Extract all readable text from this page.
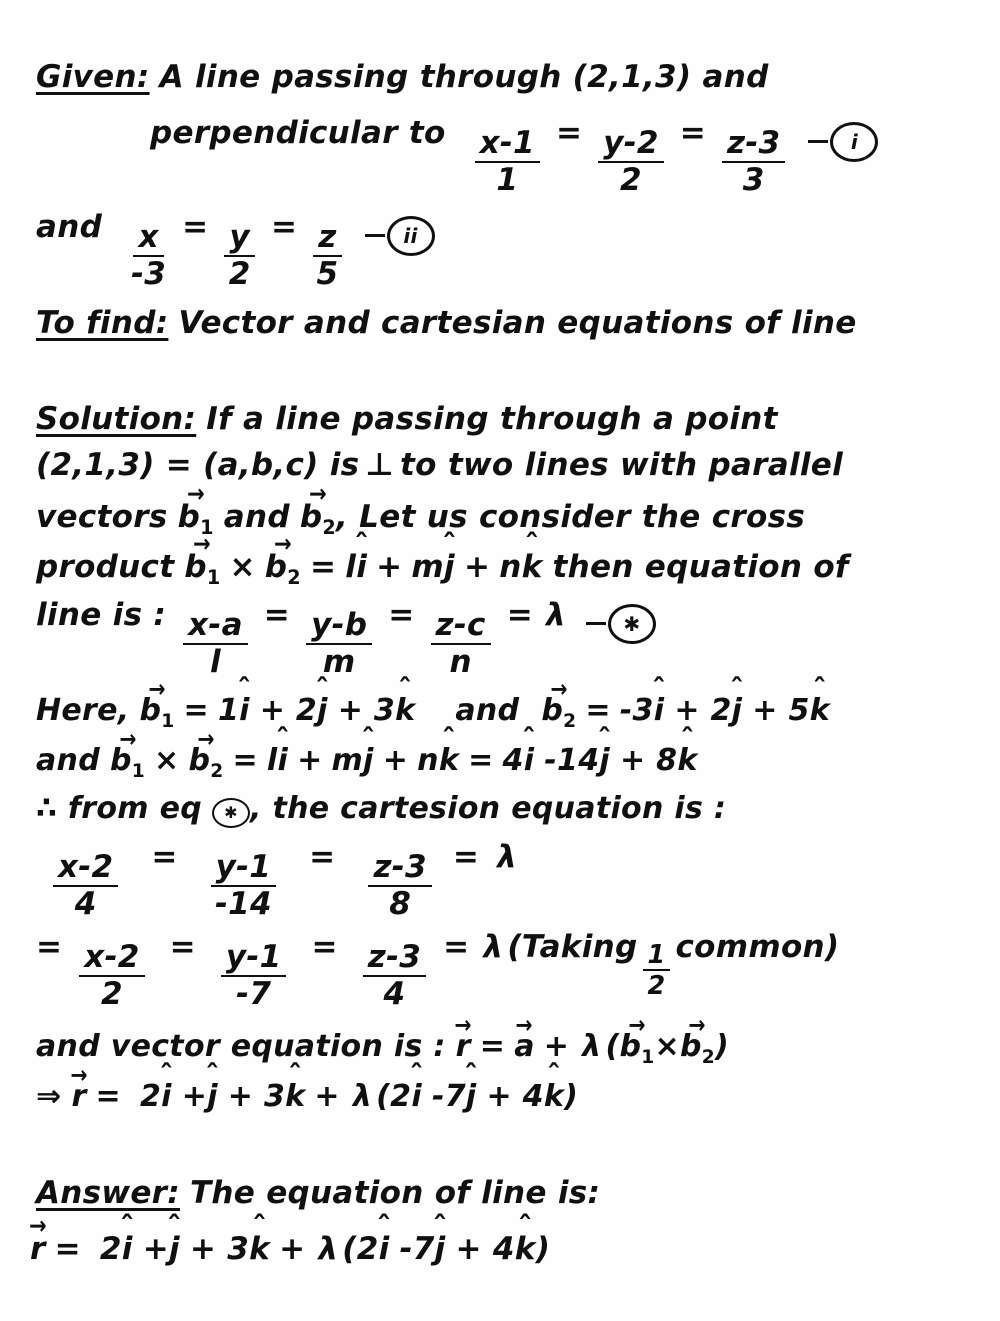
Given: A line passing through (2,1,3) and
perpendicular to $\frac{x-1}{1} = \frac{y-2}{2} = \frac{z-3}{3}$	i
and $\frac{x}{-3} = \frac{y}{2} = \frac{z}{5}$	ii
To find: Vector and cartesian equations of line
Solution: If a line passing through a point
(2,1,3) = (a,b,c) is ⊥ to two lines with parallel
vectors $b_1$ → and $b_2$ → , Let us consider the cross
product $b_1$ → × $b_2$ → = l i ˆ + m j ˆ + n k ˆ then equation of
line is : $\frac{x-a}{l} = \frac{y-b}{m} = \frac{z-c}{n} = \lambda$	✱
Here, $b_1$ → = 1 i ˆ + 2 j ˆ + 3 k ˆ and $b_2$ → = -3 i ˆ + 2 j ˆ + 5 k ˆ
and $b_1$ → × $b_2$ → = l i ˆ + m j ˆ + n k ˆ = 4 i ˆ -14 j ˆ + 8 k ˆ
∴ from eq	✱ , the cartesion equation is :
$\frac{x-2}{4} = \frac{y-1}{-14} = \frac{z-3}{8} = \lambda$
= $\frac{x-2}{2} = \frac{y-1}{-7} = \frac{z-3}{4} = \lambda$ (Taking $\frac{1}{2}$ common)
and vector equation is : r → = a → + λ ( $b_1$ → × $b_2$ → )
⇒ r → = 2 i ˆ + j ˆ + 3 k ˆ + λ ( 2 i ˆ -7 j ˆ + 4 k ˆ )
Answer: The equation of line is:
r → = 2 i ˆ + j ˆ + 3 k ˆ + λ ( 2 i ˆ -7 j ˆ + 4 k ˆ )
